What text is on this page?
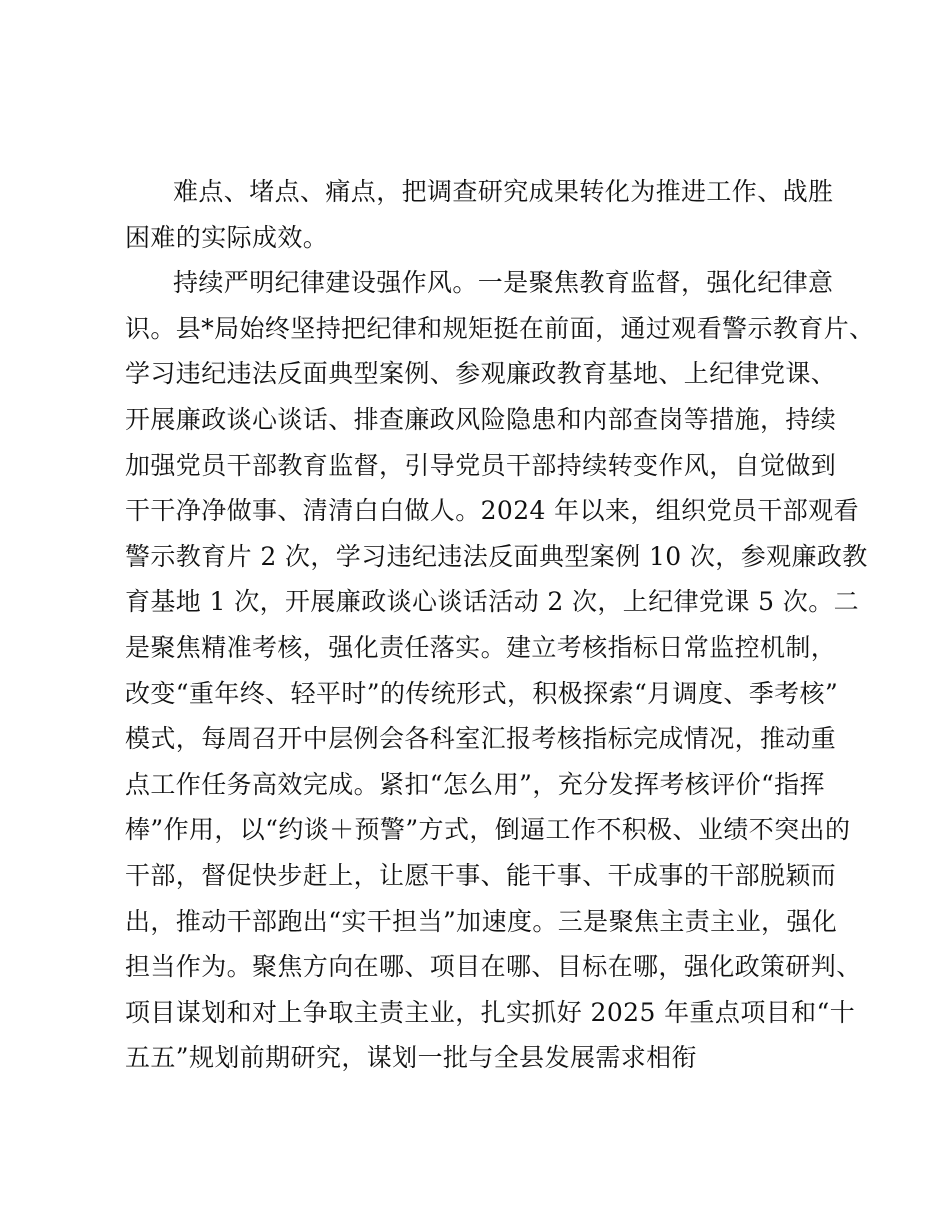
难点、堵点、痛点，把调查研究成果转化为推进工作、战胜
困难的实际成效。
持续严明纪律建设强作风。一是聚焦教育监督，强化纪律意
识。县*局始终坚持把纪律和规矩挺在前面，通过观看警示教育片、
学习违纪违法反面典型案例、参观廉政教育基地、上纪律党课、
开展廉政谈心谈话、排查廉政风险隐患和内部查岗等措施，持续
加强党员干部教育监督，引导党员干部持续转变作风，自觉做到
干干净净做事、清清白白做人。2024 年以来，组织党员干部观看
警示教育片 2 次，学习违纪违法反面典型案例 10 次，参观廉政教
育基地 1 次，开展廉政谈心谈话活动 2 次，上纪律党课 5 次。二
是聚焦精准考核，强化责任落实。建立考核指标日常监控机制，
改变“重年终、轻平时”的传统形式，积极探索“月调度、季考核”
模式，每周召开中层例会各科室汇报考核指标完成情况，推动重
点工作任务高效完成。紧扣“怎么用”，充分发挥考核评价“指挥
棒”作用，以“约谈＋预警”方式，倒逼工作不积极、业绩不突出的
干部，督促快步赶上，让愿干事、能干事、干成事的干部脱颖而
出，推动干部跑出“实干担当”加速度。三是聚焦主责主业，强化
担当作为。聚焦方向在哪、项目在哪、目标在哪，强化政策研判、
项目谋划和对上争取主责主业，扎实抓好 2025 年重点项目和“十
五五”规划前期研究，谋划一批与全县发展需求相衔
